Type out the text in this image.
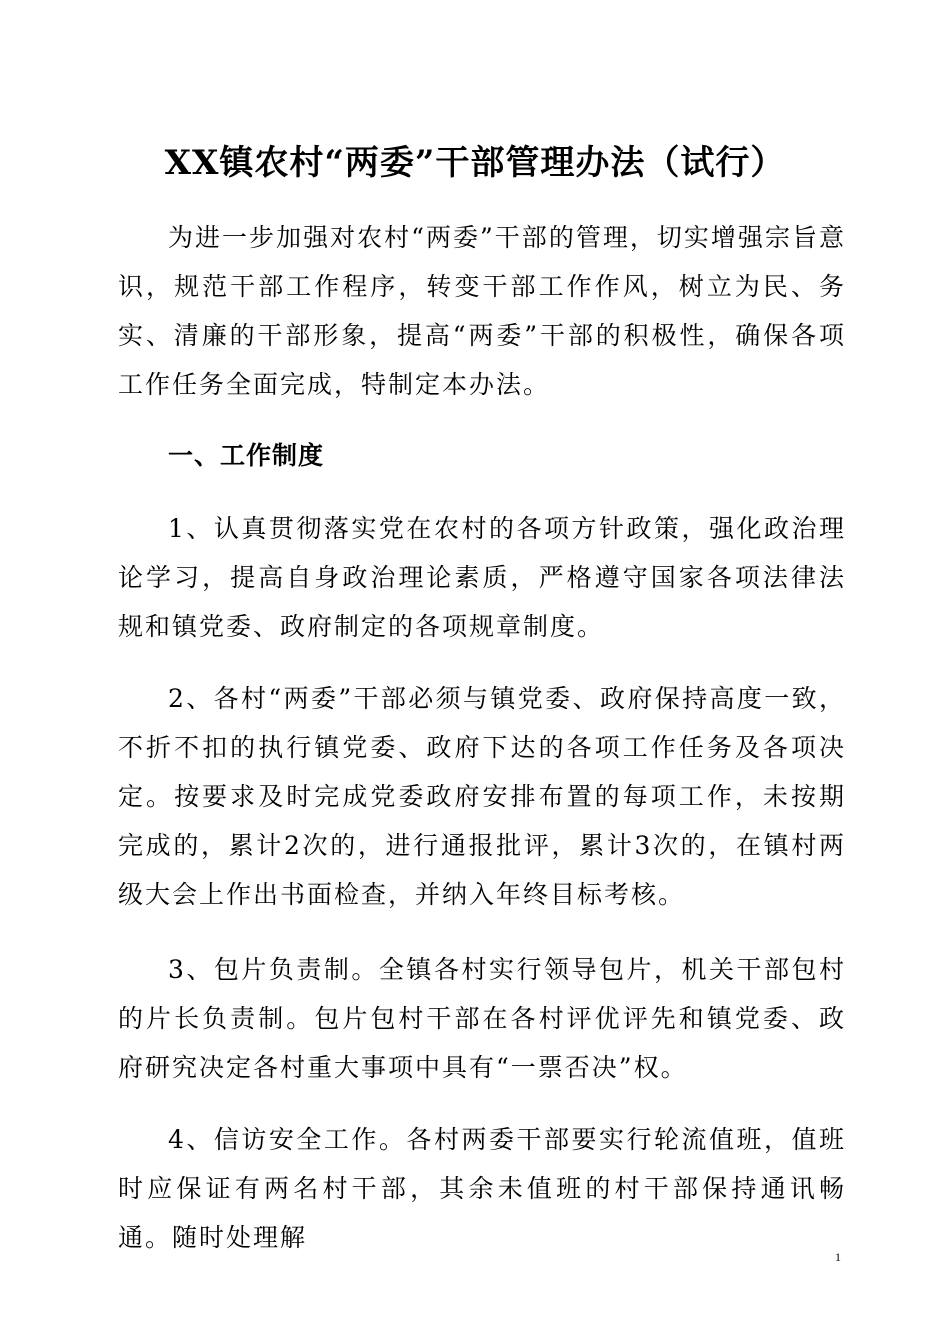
XX镇农村“两委”干部管理办法（试行）
为进一步加强对农村“两委”干部的管理，切实增强宗旨意识，规范干部工作程序，转变干部工作作风，树立为民、务实、清廉的干部形象，提高“两委”干部的积极性，确保各项工作任务全面完成，特制定本办法。
一、工作制度
1、认真贯彻落实党在农村的各项方针政策，强化政治理论学习，提高自身政治理论素质，严格遵守国家各项法律法规和镇党委、政府制定的各项规章制度。
2、各村“两委”干部必须与镇党委、政府保持高度一致，不折不扣的执行镇党委、政府下达的各项工作任务及各项决定。按要求及时完成党委政府安排布置的每项工作，未按期完成的，累计2次的，进行通报批评，累计3次的，在镇村两级大会上作出书面检查，并纳入年终目标考核。
3、包片负责制。全镇各村实行领导包片，机关干部包村的片长负责制。包片包村干部在各村评优评先和镇党委、政府研究决定各村重大事项中具有“一票否决”权。
4、信访安全工作。各村两委干部要实行轮流值班，值班时应保证有两名村干部，其余未值班的村干部保持通讯畅通。随时处理解
1
